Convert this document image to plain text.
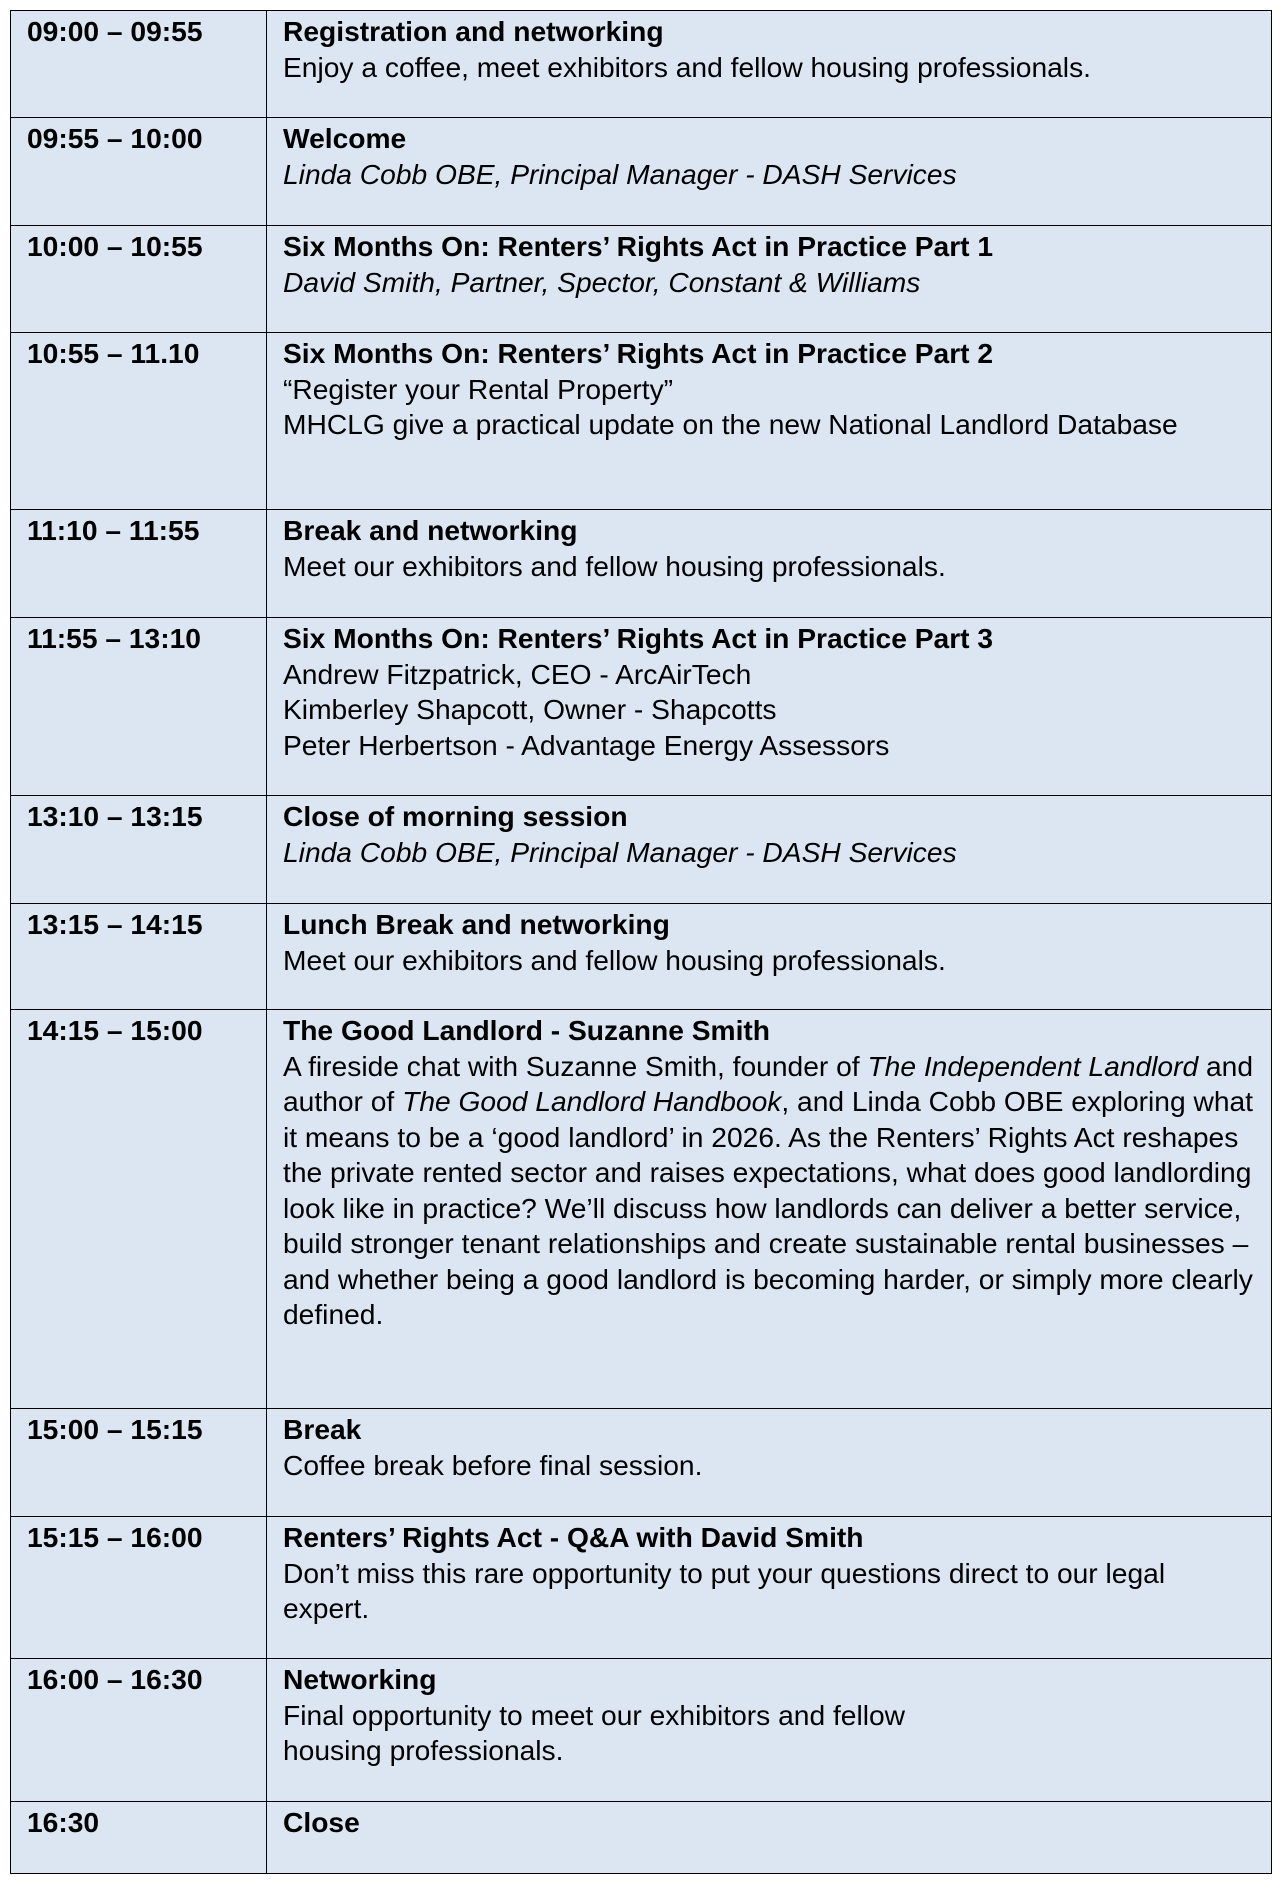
09:00 – 09:55	Registration and networking
Enjoy a coffee, meet exhibitors and fellow housing professionals.

09:55 – 10:00	Welcome
Linda Cobb OBE, Principal Manager - DASH Services

10:00 – 10:55	Six Months On: Renters’ Rights Act in Practice Part 1
David Smith, Partner, Spector, Constant & Williams

10:55 – 11.10	Six Months On: Renters’ Rights Act in Practice Part 2
“Register your Rental Property”
MHCLG give a practical update on the new National Landlord Database

11:10 – 11:55	Break and networking
Meet our exhibitors and fellow housing professionals.

11:55 – 13:10	Six Months On: Renters’ Rights Act in Practice Part 3
Andrew Fitzpatrick, CEO - ArcAirTech
Kimberley Shapcott, Owner - Shapcotts
Peter Herbertson - Advantage Energy Assessors

13:10 – 13:15	Close of morning session
Linda Cobb OBE, Principal Manager - DASH Services

13:15 – 14:15	Lunch Break and networking
Meet our exhibitors and fellow housing professionals.

14:15 – 15:00	The Good Landlord - Suzanne Smith
A fireside chat with Suzanne Smith, founder of The Independent Landlord and author of The Good Landlord Handbook, and Linda Cobb OBE exploring what it means to be a ‘good landlord’ in 2026. As the Renters’ Rights Act reshapes the private rented sector and raises expectations, what does good landlording look like in practice? We’ll discuss how landlords can deliver a better service, build stronger tenant relationships and create sustainable rental businesses – and whether being a good landlord is becoming harder, or simply more clearly defined.

15:00 – 15:15	Break
Coffee break before final session.

15:15 – 16:00	Renters’ Rights Act - Q&A with David Smith
Don’t miss this rare opportunity to put your questions direct to our legal expert.

16:00 – 16:30	Networking
Final opportunity to meet our exhibitors and fellow
housing professionals.

16:30	Close
